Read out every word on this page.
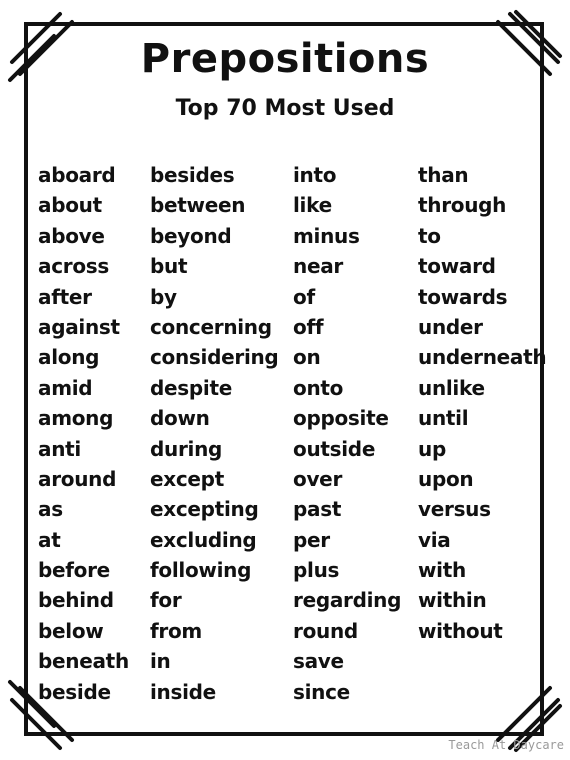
Prepositions
Top 70 Most Used
aboard
about
above
across
after
against
along
amid
among
anti
around
as
at
before
behind
below
beneath
beside
besides
between
beyond
but
by
concerning
considering
despite
down
during
except
excepting
excluding
following
for
from
in
inside
into
like
minus
near
of
off
on
onto
opposite
outside
over
past
per
plus
regarding
round
save
since
than
through
to
toward
towards
under
underneath
unlike
until
up
upon
versus
via
with
within
without
Teach At Daycare
